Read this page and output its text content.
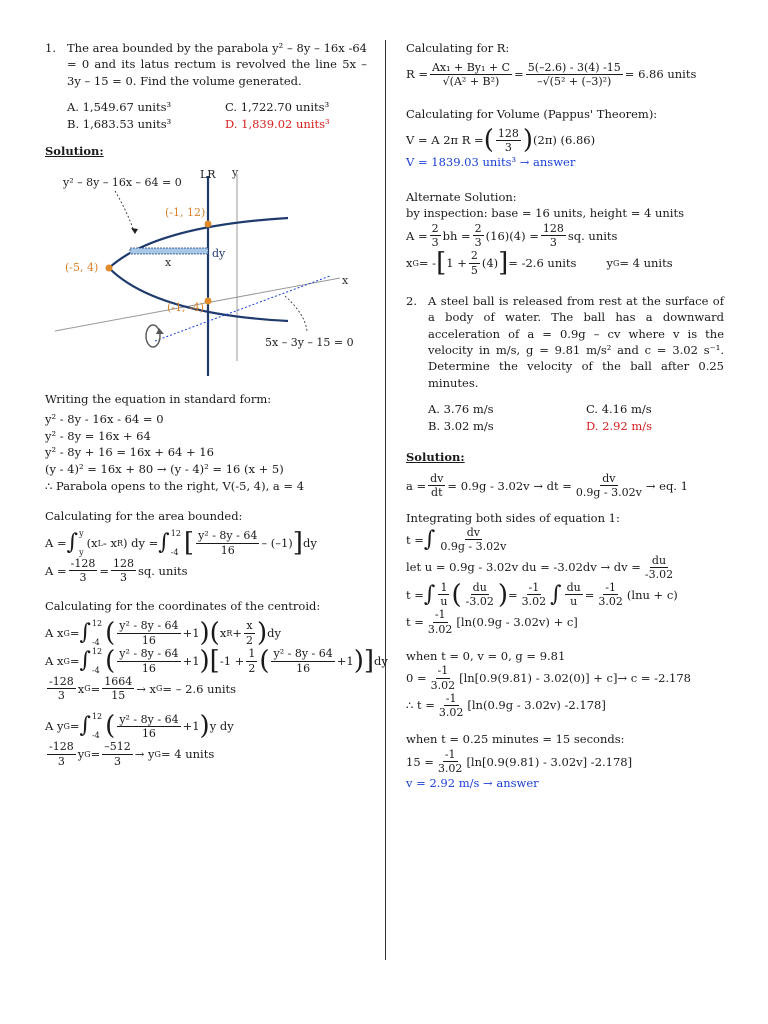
1. The area bounded by the parabola y² – 8y – 16x -64 = 0 and its latus rectum is revolved the line 5x – 3y – 15 = 0. Find the volume generated.
A. 1,549.67 units³	C. 1,722.70 units³
B. 1,683.53 units³	D. 1,839.02 units³
Solution:
y
x
LR
dy
x
(-1, 12)
(-5, 4)
(-1, -4)
y² – 8y – 16x – 64 = 0
5x – 3y – 15 = 0
Writing the equation in standard form:
y² - 8y - 16x - 64 = 0
y² - 8y = 16x + 64
y² - 8y + 16 = 16x + 64 + 16
(y - 4)² = 16x + 80 → (y - 4)² = 16 (x + 5)
∴ Parabola opens to the right, V(-5, 4), a = 4
Calculating for the area bounded:
A = ∫ y
y
(x L - x R ) dy = ∫ 12
-4 [ $\frac{\text{y² - 8y - 64}}{16} - (-1)$ ] dy
$A = \frac{-128}{3} = \frac{128}{3}$ sq. units
Calculating for the coordinates of the centroid:
A x G = ∫ 12
-4 ( $\frac{\text{y² - 8y - 64}}{16} +1$ ) ( x $R + \frac{x}{2}$ ) dy
A x G = ∫ 12
-4 ( $\frac{\text{y² - 8y - 64}}{16} +1$ ) [ $-1 + \frac{1}{2}$ ( $\frac{\text{y² - 8y - 64}}{16} +1$ ) ] dy
$\frac{-128}{3}$ x $G = \frac{1664}{15} \to x$ G = – 2.6 units
A y G = ∫ 12
-4 ( $\frac{\text{y² - 8y - 64}}{16} +1$ ) y dy
$\frac{-128}{3}$ y $G = \frac{-512}{3} \to y$ G = 4 units
Calculating for R:
$R = \frac{\text{Ax₁ + By₁ + C}}{\text{√(A² + B²)}} = \frac{5(-2.6) - 3(4) -15}{\text{–√(5² + (–3)²)}} = 6.86$ units
Calculating for Volume (Pappus' Theorem):
V = A 2π R = ( $\frac{128}{3}$ ) (2π) (6.86)
V = 1839.03 units³ → answer
Alternate Solution:
by inspection: base = 16 units, height = 4 units
$A = \frac{2}{3}$ bh = $\frac{2}{3} (16)(4) = \frac{128}{3}$ sq. units
x G = - [ $1 + \frac{2}{5} (4)$ ] = -2.6 units	y G = 4 units
2. A steel ball is released from rest at the surface of a body of water. The ball has a downward acceleration of a = 0.9g – cv where v is the velocity in m/s, g = 9.81 m/s² and c = 3.02 s⁻¹. Determine the velocity of the ball after 0.25 minutes.
A. 3.76 m/s	C. 4.16 m/s
B. 3.02 m/s	D. 2.92 m/s
Solution:
$a = \frac{dv}{dt} = 0.9g - 3.02v$ → dt = $\frac{dv}{0.9g - 3.02v}$ → eq. 1
Integrating both sides of equation 1:
t = ∫ $\frac{dv}{0.9g - 3.02v}$
let u = 0.9g - 3.02v du = -3.02dv → dv = $\frac{du}{-3.02}$
t = ∫ $\frac{1}{u}$ ( $\frac{du}{-3.02}$ ) = $\frac{-1}{3.02}$ ∫ $\frac{du}{u} = \frac{-1}{3.02} (\ln u + c)$
$t = \frac{-1}{3.02} [\ln(0.9g - 3.02v) + c]$
when t = 0, v = 0, g = 9.81
$0 = \frac{-1}{3.02} [\ln[0.9(9.81) - 3.02(0)] + c] \to c = -2.178$
∴ $t = \frac{-1}{3.02} [\ln(0.9g - 3.02v)$ -2.178]
when t = 0.25 minutes = 15 seconds:
$15 = \frac{-1}{3.02} [\ln[0.9(9.81) - 3.02v]$ -2.178]
v = 2.92 m/s → answer
